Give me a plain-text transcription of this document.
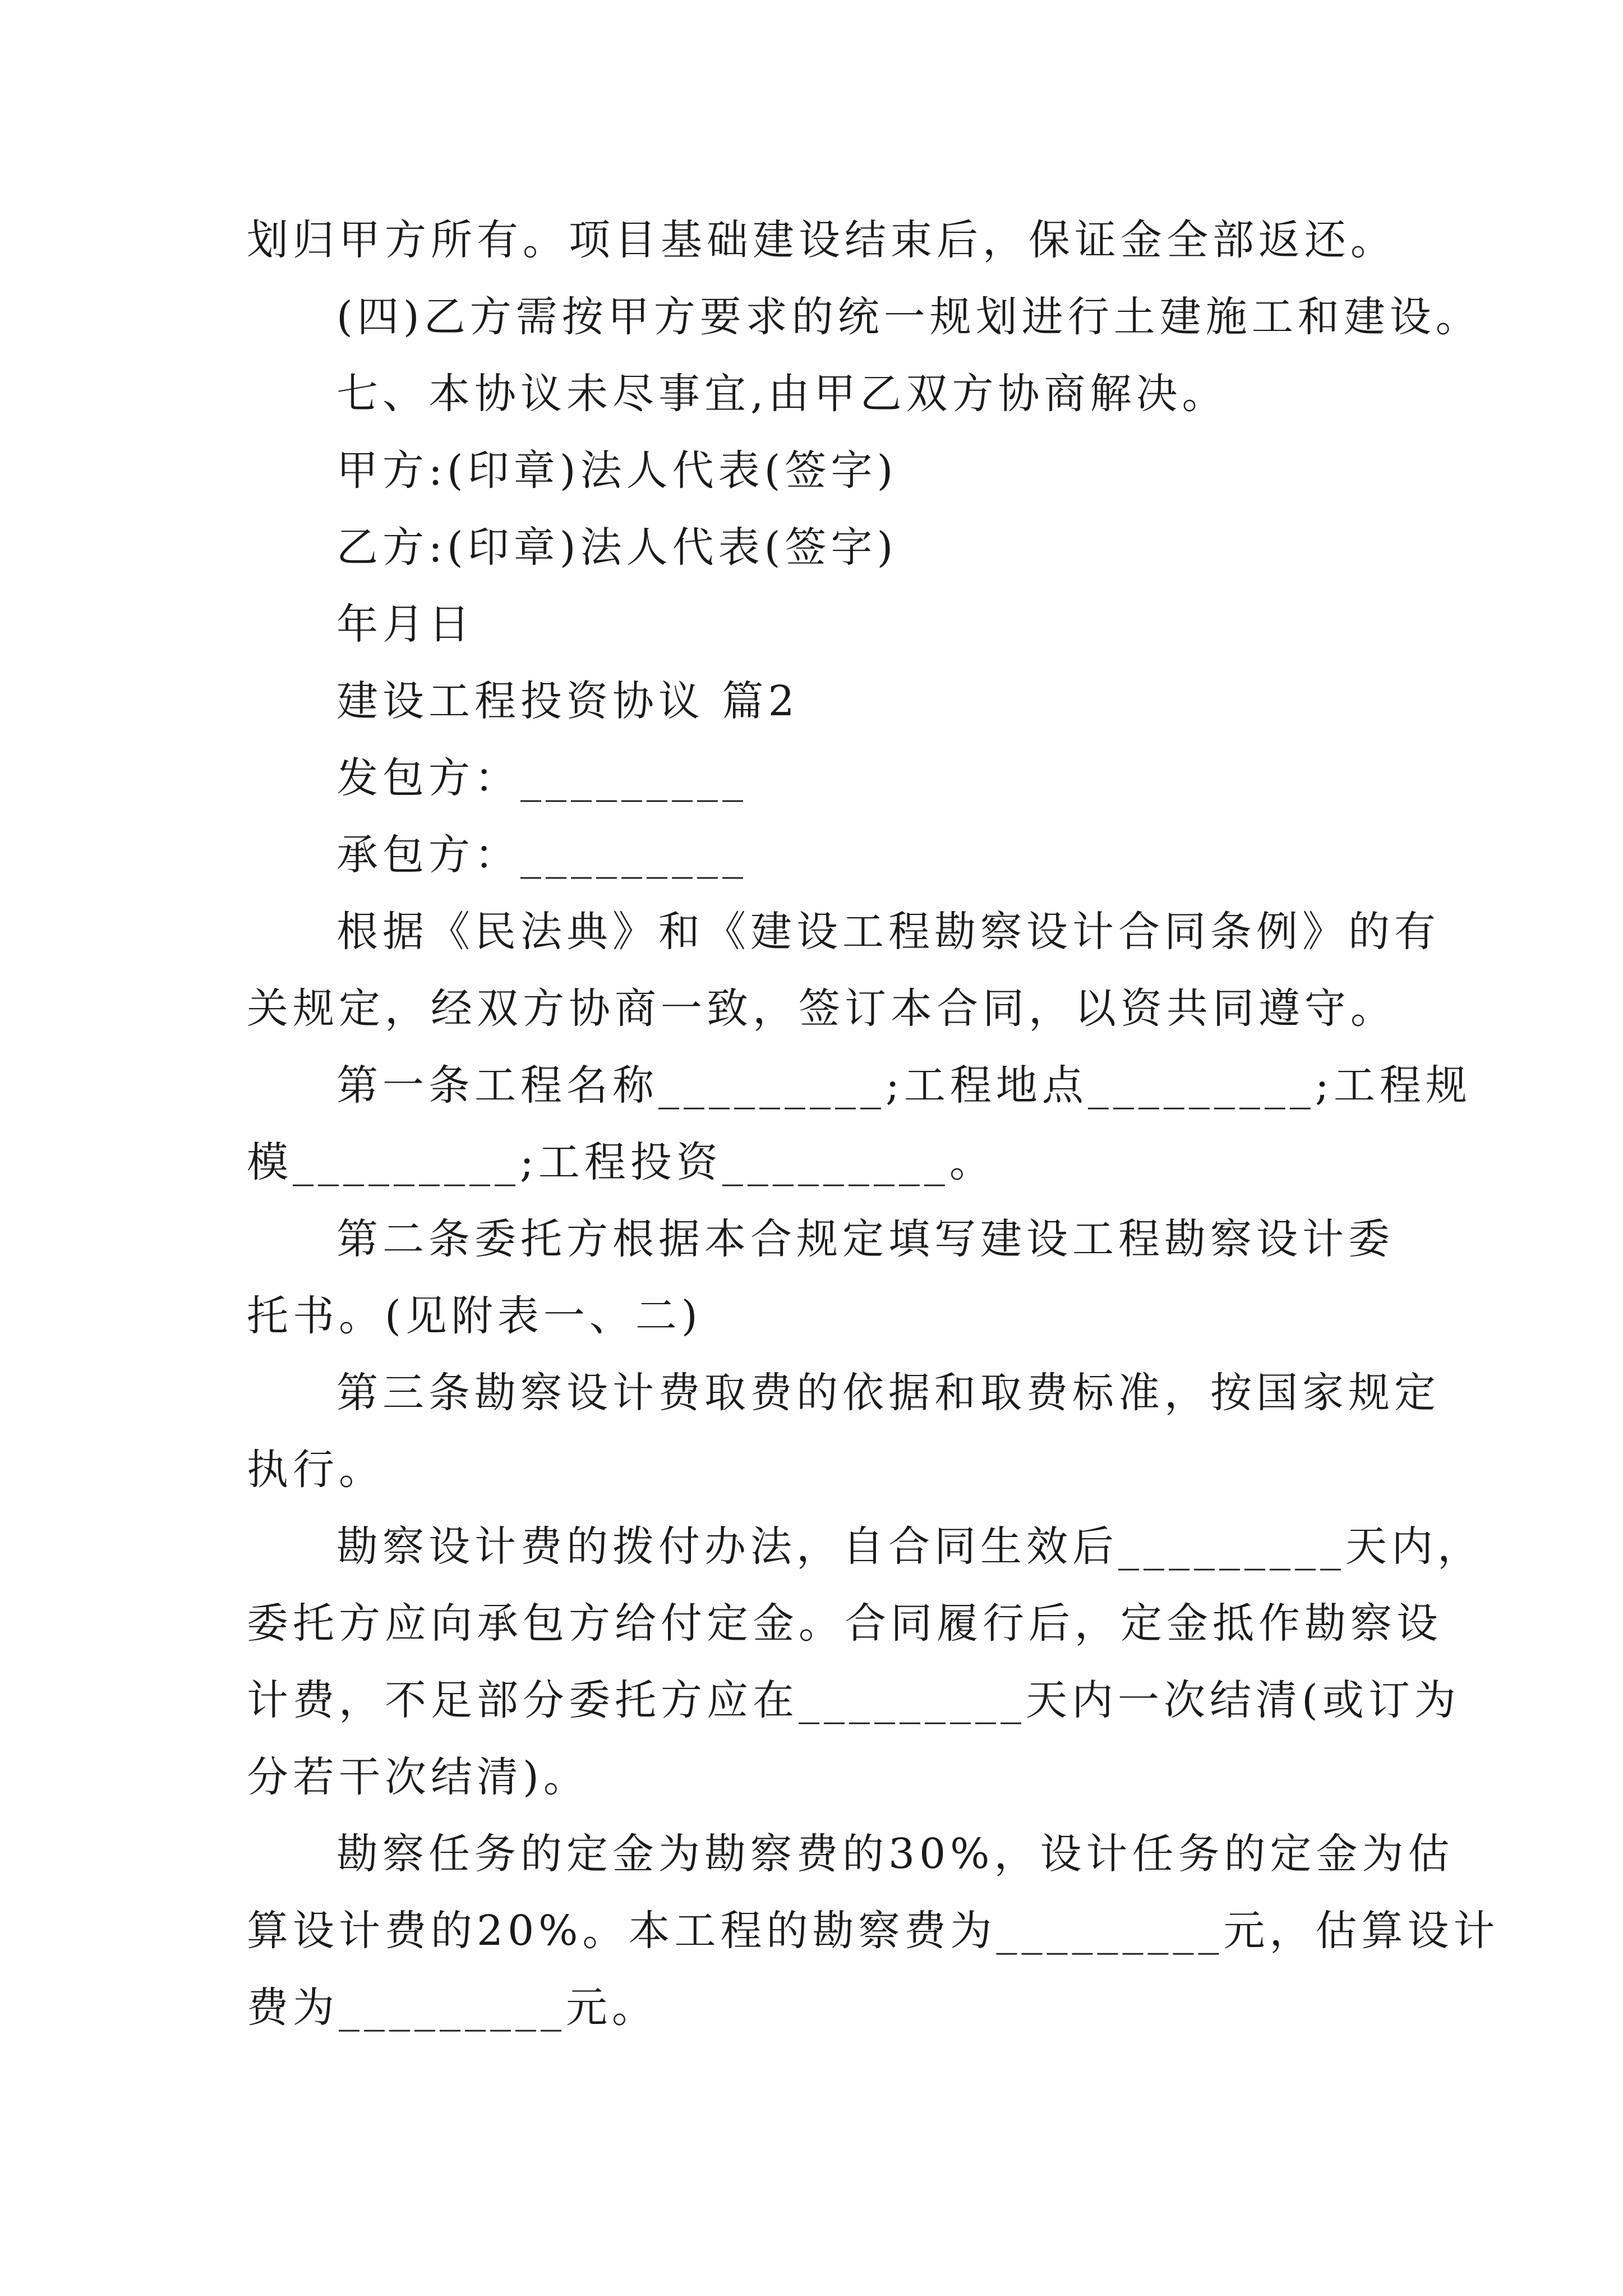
划归甲方所有。项目基础建设结束后，保证金全部返还。

(四)乙方需按甲方要求的统一规划进行土建施工和建设。

七、本协议未尽事宜,由甲乙双方协商解决。

甲方:(印章)法人代表(签字)

乙方:(印章)法人代表(签字)

年月日

建设工程投资协议 篇2

发包方：_________

承包方：_________

根据《民法典》和《建设工程勘察设计合同条例》的有

关规定，经双方协商一致，签订本合同，以资共同遵守。

第一条工程名称_________;工程地点_________;工程规

模_________;工程投资_________。

第二条委托方根据本合规定填写建设工程勘察设计委

托书。(见附表一、二)

第三条勘察设计费取费的依据和取费标准，按国家规定

执行。

勘察设计费的拨付办法，自合同生效后_________天内，

委托方应向承包方给付定金。合同履行后，定金抵作勘察设

计费，不足部分委托方应在_________天内一次结清(或订为

分若干次结清)。

勘察任务的定金为勘察费的30%，设计任务的定金为估

算设计费的20%。本工程的勘察费为_________元，估算设计

费为_________元。
